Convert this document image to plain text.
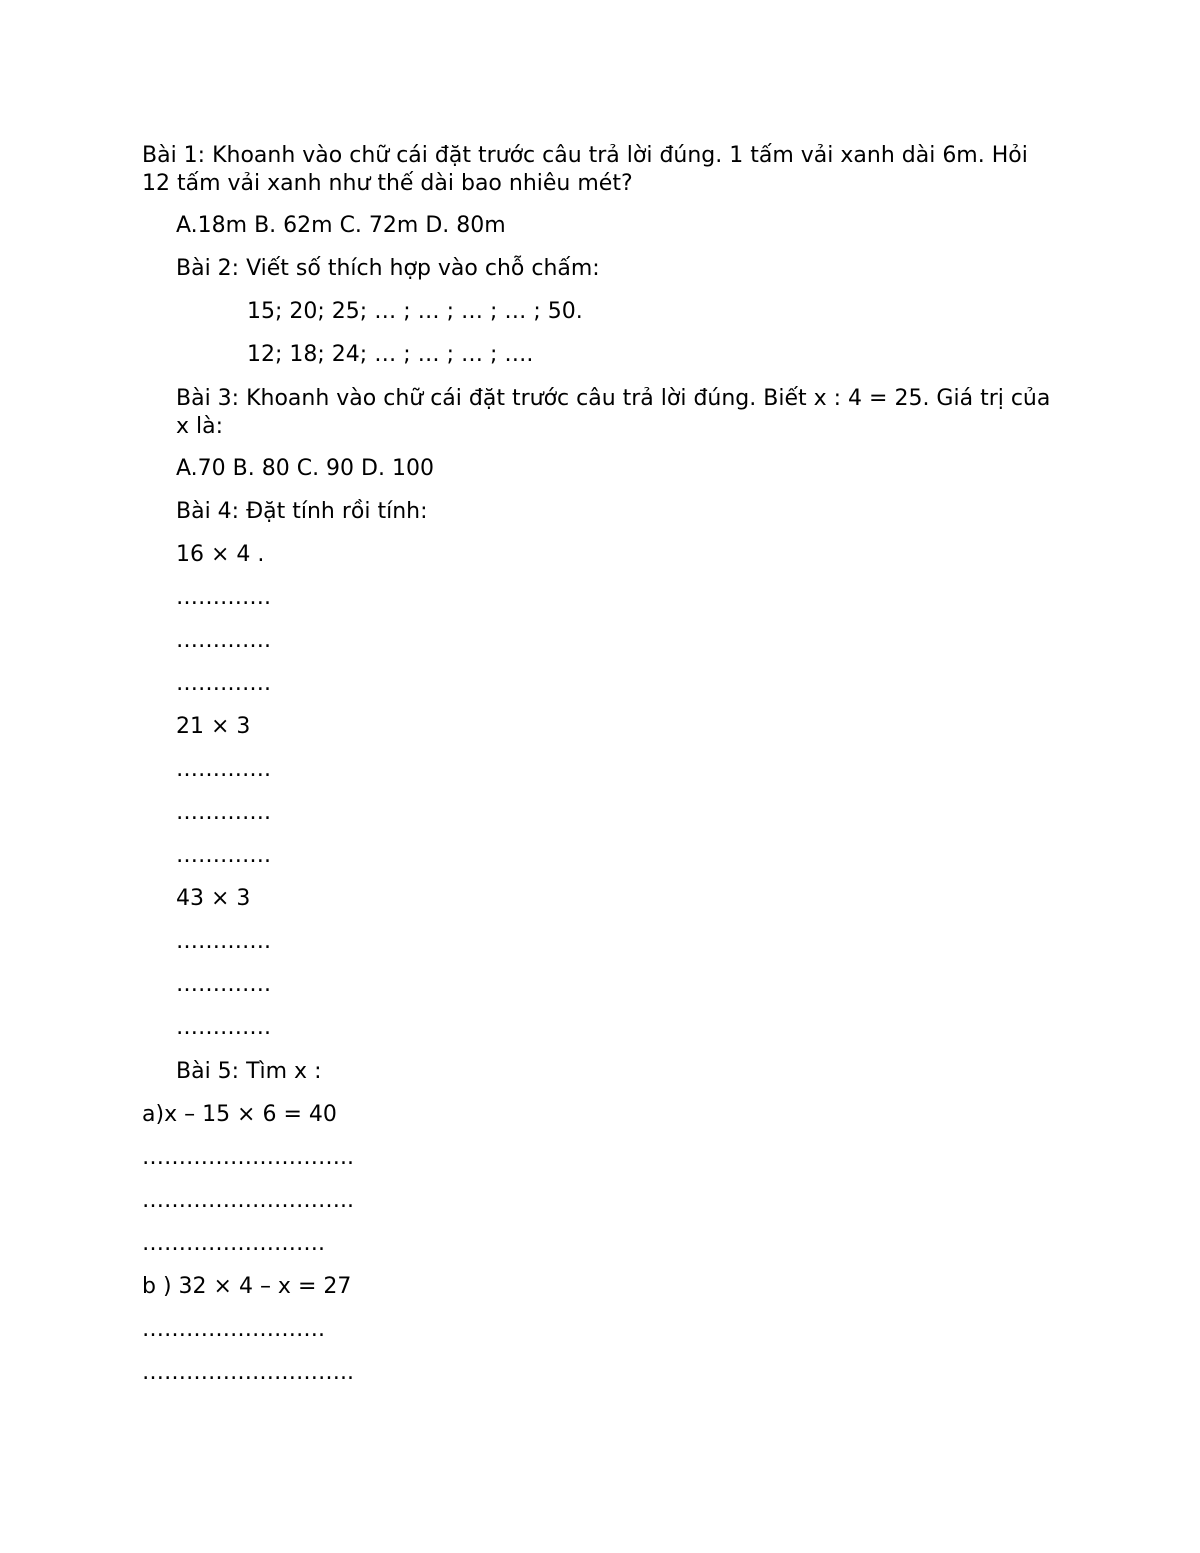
Bài 1: Khoanh vào chữ cái đặt trước câu trả lời đúng. 1 tấm vải xanh dài 6m. Hỏi 12 tấm vải xanh như thế dài bao nhiêu mét?

A.18m B. 62m C. 72m D. 80m

Bài 2: Viết số thích hợp vào chỗ chấm:

15; 20; 25; … ; … ; … ; … ; 50.

12; 18; 24; … ; … ; … ; ….

Bài 3: Khoanh vào chữ cái đặt trước câu trả lời đúng. Biết x : 4 = 25. Giá trị của x là:

A.70 B. 80 C. 90 D. 100

Bài 4: Đặt tính rồi tính:

16 × 4 .

………….

………….

………….

21 × 3

………….

………….

………….

43 × 3

………….

………….

………….

Bài 5: Tìm x :

a)x – 15 × 6 = 40

………………………..

………………………..

…………………….

b ) 32 × 4 – x = 27

…………………….

………………………..
